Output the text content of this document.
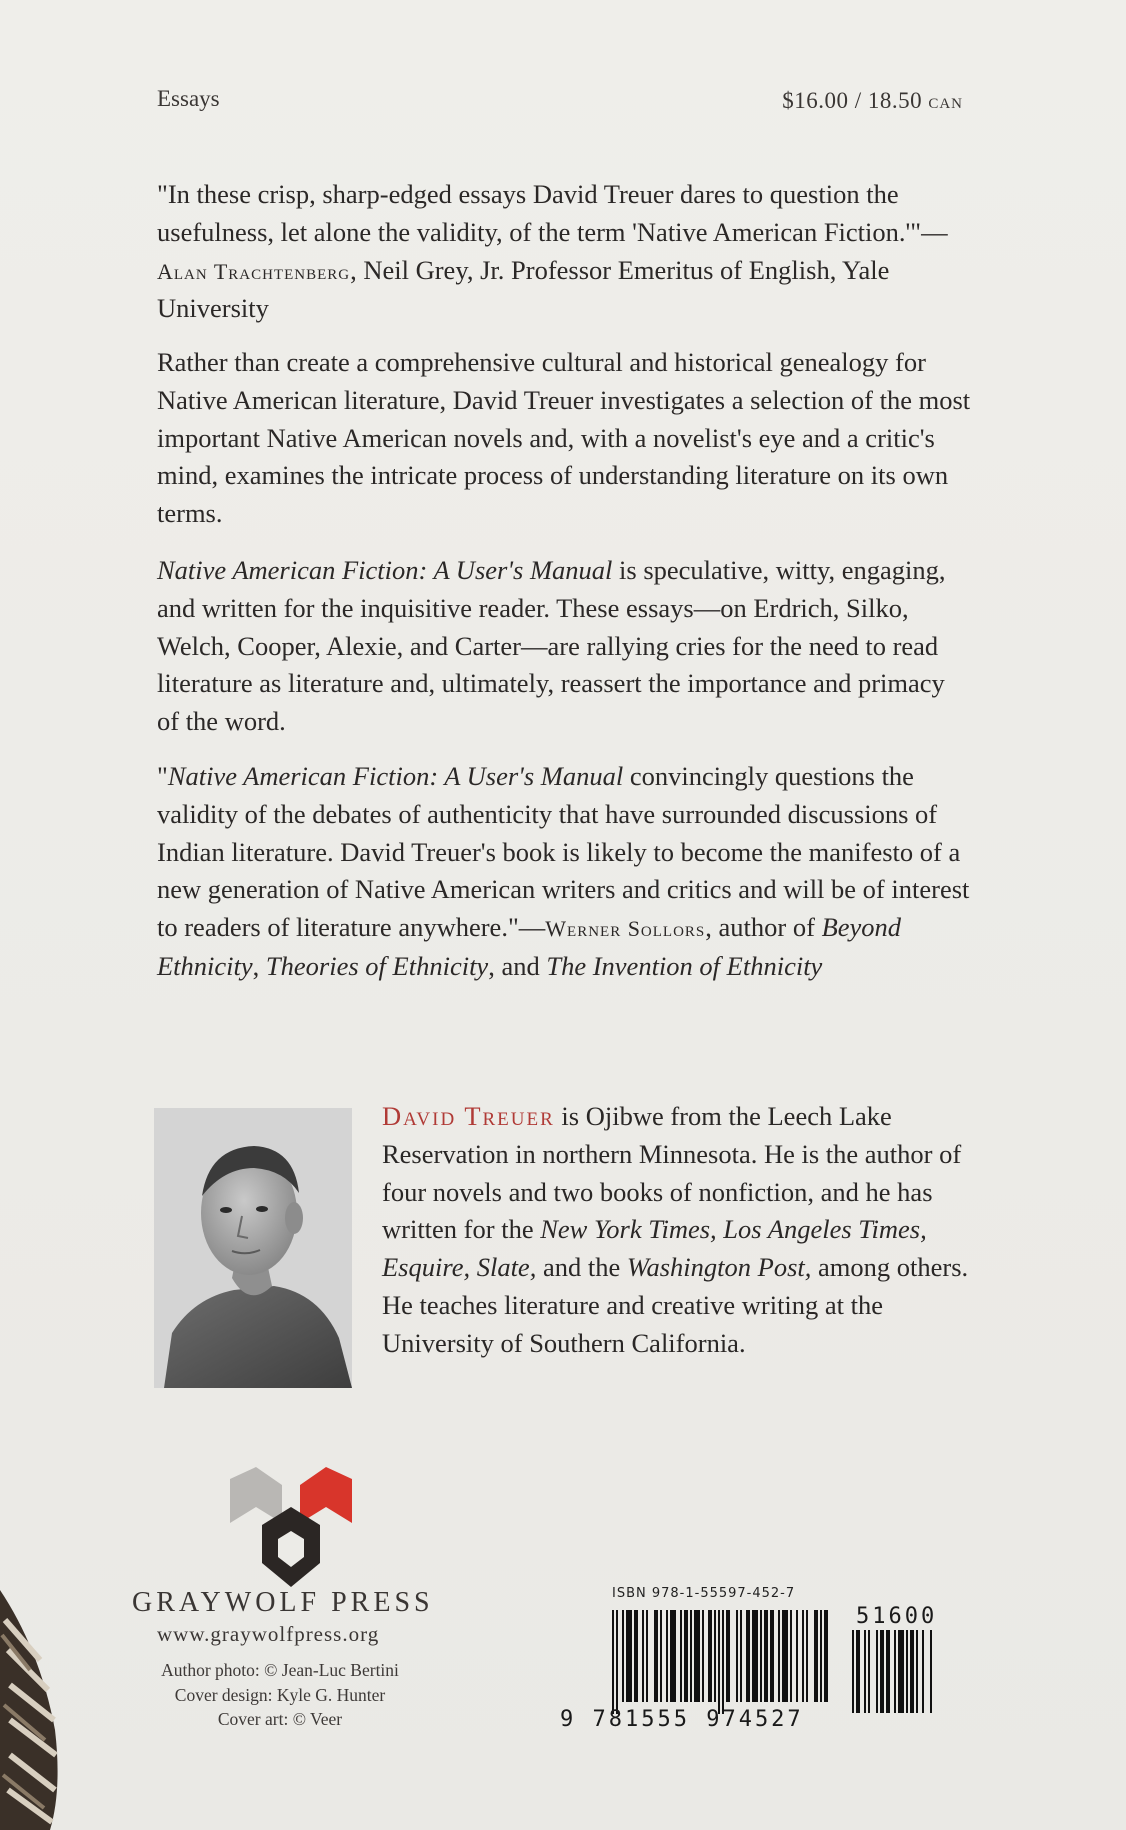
Essays	$16.00 / 18.50 CAN
"In these crisp, sharp-edged essays David Treuer dares to question the usefulness, let alone the validity, of the term 'Native American Fiction.'"—Alan Trachtenberg, Neil Grey, Jr. Professor Emeritus of English, Yale University
Rather than create a comprehensive cultural and historical genealogy for Native American literature, David Treuer investigates a selection of the most important Native American novels and, with a novelist's eye and a critic's mind, examines the intricate process of understanding literature on its own terms.
Native American Fiction: A User's Manual is speculative, witty, engaging, and written for the inquisitive reader. These essays—on Erdrich, Silko, Welch, Cooper, Alexie, and Carter—are rallying cries for the need to read literature as literature and, ultimately, reassert the importance and primacy of the word.
"Native American Fiction: A User's Manual convincingly questions the validity of the debates of authenticity that have surrounded discussions of Indian literature. David Treuer's book is likely to become the manifesto of a new generation of Native American writers and critics and will be of interest to readers of literature anywhere."—Werner Sollors, author of Beyond Ethnicity, Theories of Ethnicity, and The Invention of Ethnicity
David Treuer is Ojibwe from the Leech Lake Reservation in northern Minnesota. He is the author of four novels and two books of nonfiction, and he has written for the New York Times, Los Angeles Times, Esquire, Slate, and the Washington Post, among others. He teaches literature and creative writing at the University of Southern California.
GRAYWOLF PRESS
www.graywolfpress.org
Author photo: © Jean-Luc Bertini
Cover design: Kyle G. Hunter
Cover art: © Veer
ISBN 978-1-55597-452-7
9 781555 974527
51600
